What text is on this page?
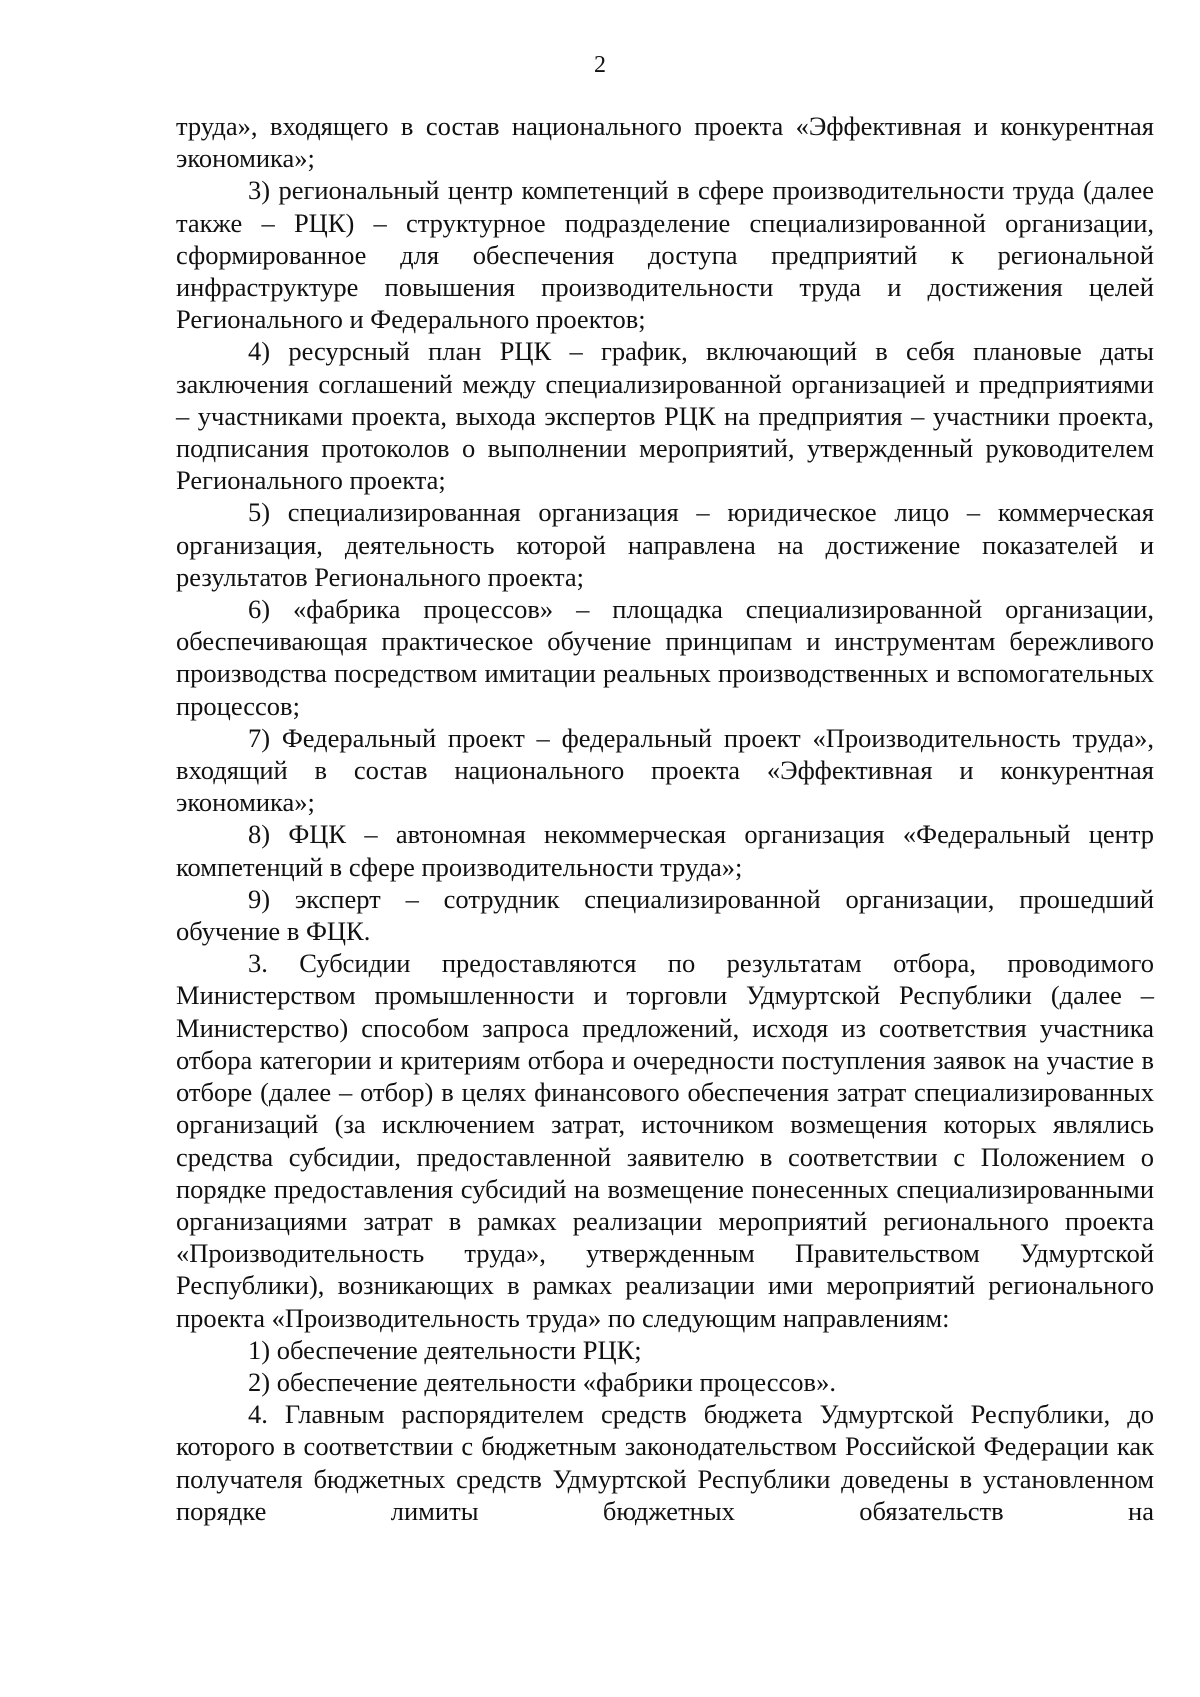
2

труда», входящего в состав национального проекта «Эффективная и конкурентная экономика»;

3) региональный центр компетенций в сфере производительности труда (далее также – РЦК) – структурное подразделение специализированной организации, сформированное для обеспечения доступа предприятий к региональной инфраструктуре повышения производительности труда и достижения целей Регионального и Федерального проектов;

4) ресурсный план РЦК – график, включающий в себя плановые даты заключения соглашений между специализированной организацией и предприятиями – участниками проекта, выхода экспертов РЦК на предприятия – участники проекта, подписания протоколов о выполнении мероприятий, утвержденный руководителем Регионального проекта;

5) специализированная организация – юридическое лицо – коммерческая организация, деятельность которой направлена на достижение показателей и результатов Регионального проекта;

6) «фабрика процессов» – площадка специализированной организации, обеспечивающая практическое обучение принципам и инструментам бережливого производства посредством имитации реальных производственных и вспомогательных процессов;

7) Федеральный проект – федеральный проект «Производительность труда», входящий в состав национального проекта «Эффективная и конкурентная экономика»;

8) ФЦК – автономная некоммерческая организация «Федеральный центр компетенций в сфере производительности труда»;

9) эксперт – сотрудник специализированной организации, прошедший обучение в ФЦК.

3. Субсидии предоставляются по результатам отбора, проводимого Министерством промышленности и торговли Удмуртской Республики (далее – Министерство) способом запроса предложений, исходя из соответствия участника отбора категории и критериям отбора и очередности поступления заявок на участие в отборе (далее – отбор) в целях финансового обеспечения затрат специализированных организаций (за исключением затрат, источником возмещения которых являлись средства субсидии, предоставленной заявителю в соответствии с Положением о порядке предоставления субсидий на возмещение понесенных специализированными организациями затрат в рамках реализации мероприятий регионального проекта «Производительность труда», утвержденным Правительством Удмуртской Республики), возникающих в рамках реализации ими мероприятий регионального проекта «Производительность труда» по следующим направлениям:

1) обеспечение деятельности РЦК;

2) обеспечение деятельности «фабрики процессов».

4. Главным распорядителем средств бюджета Удмуртской Республики, до которого в соответствии с бюджетным законодательством Российской Федерации как получателя бюджетных средств Удмуртской Республики доведены в установленном порядке лимиты бюджетных обязательств на
